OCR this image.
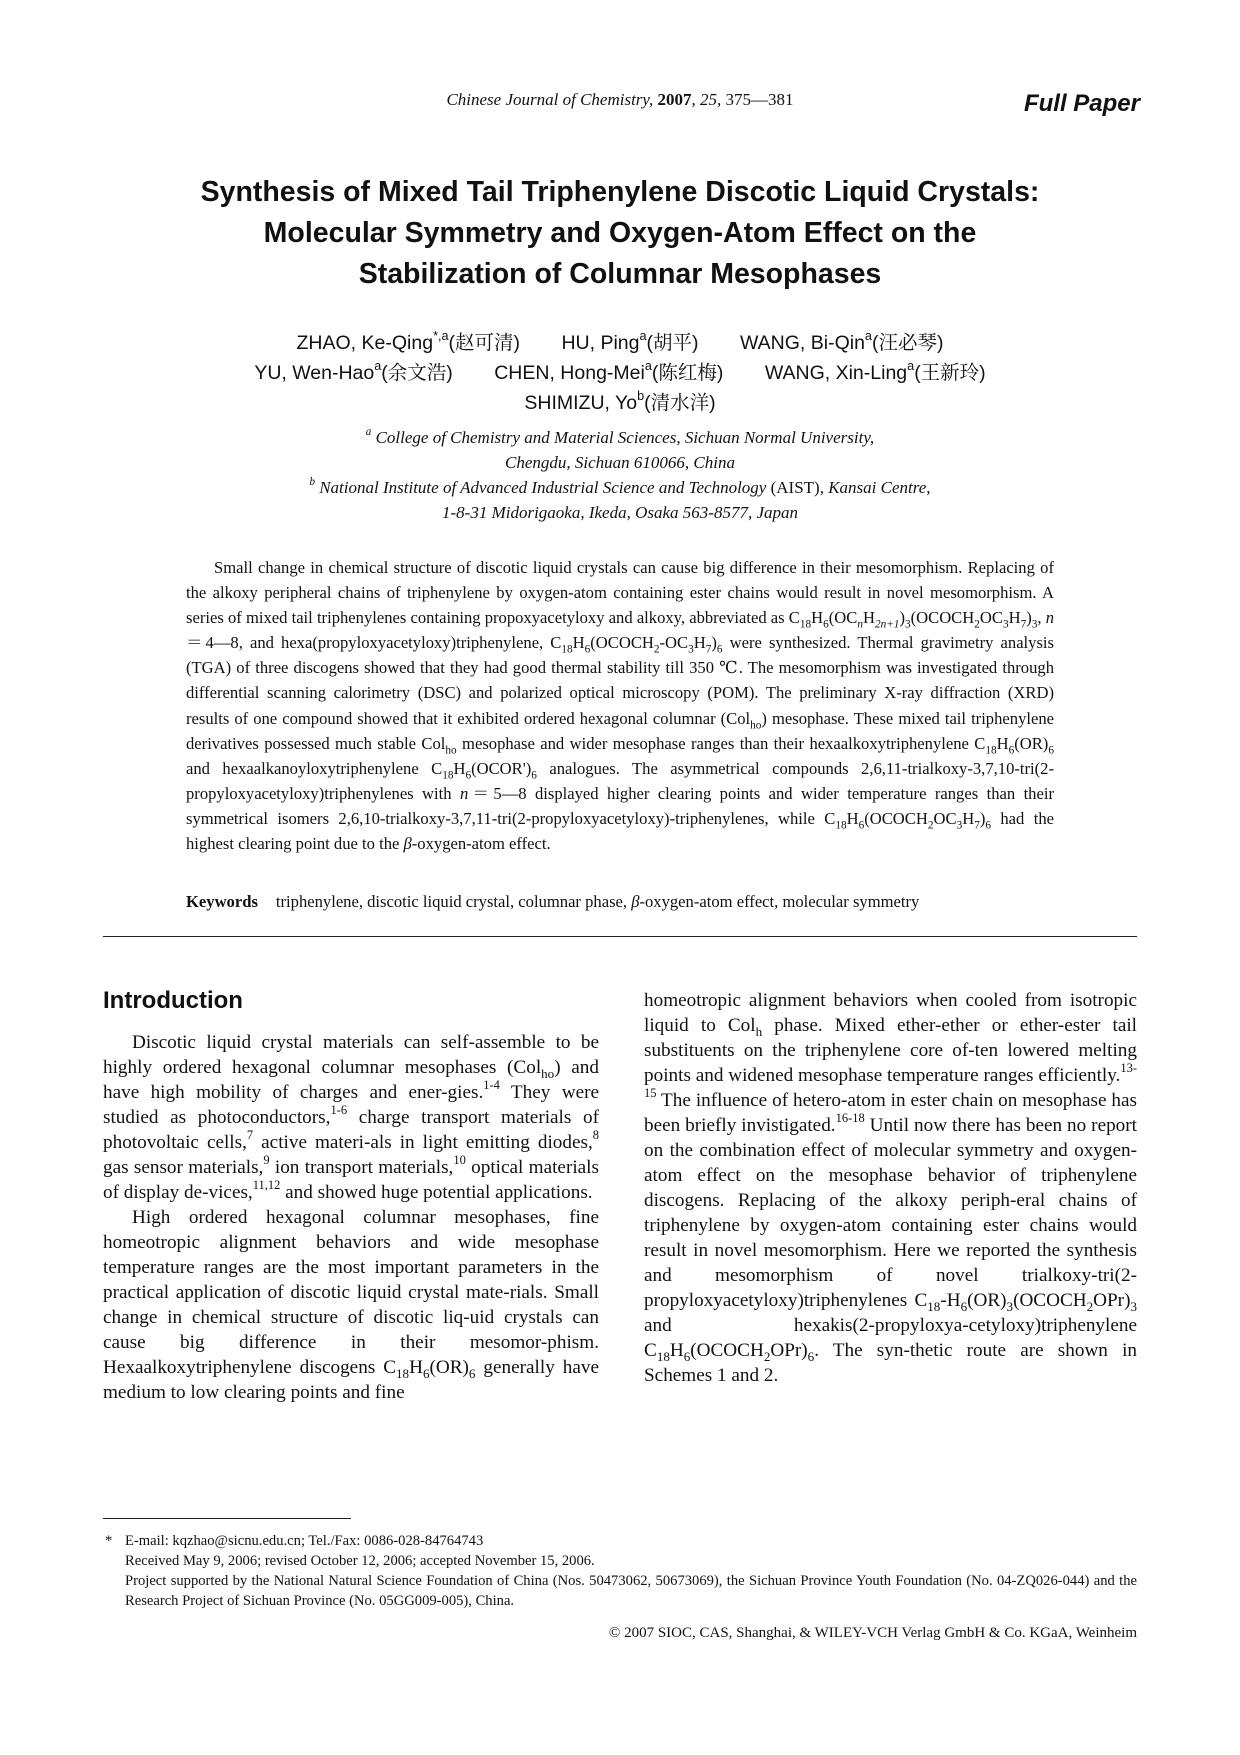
Chinese Journal of Chemistry, 2007, 25, 375—381	Full Paper
Synthesis of Mixed Tail Triphenylene Discotic Liquid Crystals:
Molecular Symmetry and Oxygen-Atom Effect on the
Stabilization of Columnar Mesophases
ZHAO, Ke-Qing$^{*,a}$(赵可清) HU, Ping$^a$(胡平) WANG, Bi-Qin$^a$(汪必琴)
YU, Wen-Hao$^a$(余文浩) CHEN, Hong-Mei$^a$(陈红梅) WANG, Xin-Ling$^a$(王新玲)
SHIMIZU, Yo$^b$(清水洋)
$^a$ College of Chemistry and Material Sciences, Sichuan Normal University,
Chengdu, Sichuan 610066, China
$^b$ National Institute of Advanced Industrial Science and Technology (AIST), Kansai Centre,
1-8-31 Midorigaoka, Ikeda, Osaka 563-8577, Japan

Small change in chemical structure of discotic liquid crystals can cause big difference in their mesomorphism. Replacing of the alkoxy peripheral chains of triphenylene by oxygen-atom containing ester chains would result in novel mesomorphism. A series of mixed tail triphenylenes containing propoxyacetyloxy and alkoxy, abbreviated as $C_{18}H_6(OC_nH_{2n+1})_3(OCOCH_2OC_3H_7)_3$, n＝4—8, and hexa(propyloxyacetyloxy)triphenylene, $C_{18}H_6(OCOCH_2-OC_3H_7)_6$ were synthesized. Thermal gravimetry analysis (TGA) of three discogens showed that they had good thermal stability till 350 ℃. The mesomorphism was investigated through differential scanning calorimetry (DSC) and polarized optical microscopy (POM). The preliminary X-ray diffraction (XRD) results of one compound showed that it exhibited ordered hexagonal columnar (Col$_{ho}$) mesophase. These mixed tail triphenylene derivatives possessed much stable Col$_{ho}$ mesophase and wider mesophase ranges than their hexaalkoxytriphenylene $C_{18}H_6(OR)_6$ and hexaalkanoyloxytriphenylene $C_{18}H_6(OCOR')_6$ analogues. The asymmetrical compounds 2,6,11-trialkoxy-3,7,10-tri(2-propyloxyacetyloxy)triphenylenes with n＝5—8 displayed higher clearing points and wider temperature ranges than their symmetrical isomers 2,6,10-trialkoxy-3,7,11-tri(2-propyloxyacetyloxy)-triphenylenes, while $C_{18}H_6(OCOCH_2OC_3H_7)_6$ had the highest clearing point due to the β-oxygen-atom effect.

Keywords triphenylene, discotic liquid crystal, columnar phase, β-oxygen-atom effect, molecular symmetry
Introduction

Discotic liquid crystal materials can self-assemble to be highly ordered hexagonal columnar mesophases (Col$_{ho}$) and have high mobility of charges and ener-gies.$^{1-4}$ They were studied as photoconductors,$^{1-6}$ charge transport materials of photovoltaic cells,$^7$ active materi-als in light emitting diodes,$^8$ gas sensor materials,$^9$ ion transport materials,$^{10}$ optical materials of display de-vices,$^{11,12}$ and showed huge potential applications.

High ordered hexagonal columnar mesophases, fine homeotropic alignment behaviors and wide mesophase temperature ranges are the most important parameters in the practical application of discotic liquid crystal mate-rials. Small change in chemical structure of discotic liq-uid crystals can cause big difference in their mesomor-phism. Hexaalkoxytriphenylene discogens $C_{18}H_6(OR)_6$ generally have medium to low clearing points and fine

homeotropic alignment behaviors when cooled from isotropic liquid to Col$_h$ phase. Mixed ether-ether or ether-ester tail substituents on the triphenylene core of-ten lowered melting points and widened mesophase temperature ranges efficiently.$^{13-15}$ The influence of hetero-atom in ester chain on mesophase has been briefly invistigated.$^{16-18}$ Until now there has been no report on the combination effect of molecular symmetry and oxygen-atom effect on the mesophase behavior of triphenylene discogens. Replacing of the alkoxy periph-eral chains of triphenylene by oxygen-atom containing ester chains would result in novel mesomorphism. Here we reported the synthesis and mesomorphism of novel trialkoxy-tri(2-propyloxyacetyloxy)triphenylenes $C_{18}-H_6(OR)_3(OCOCH_2OPr)_3$ and hexakis(2-propyloxya-cetyloxy)triphenylene $C_{18}H_6(OCOCH_2OPr)_6$. The syn-thetic route are shown in Schemes 1 and 2.

* E-mail: kqzhao@sicnu.edu.cn; Tel./Fax: 0086-028-84764743
Received May 9, 2006; revised October 12, 2006; accepted November 15, 2006.
Project supported by the National Natural Science Foundation of China (Nos. 50473062, 50673069), the Sichuan Province Youth Foundation (No. 04-ZQ026-044) and the Research Project of Sichuan Province (No. 05GG009-005), China.
© 2007 SIOC, CAS, Shanghai, & WILEY-VCH Verlag GmbH & Co. KGaA, Weinheim
